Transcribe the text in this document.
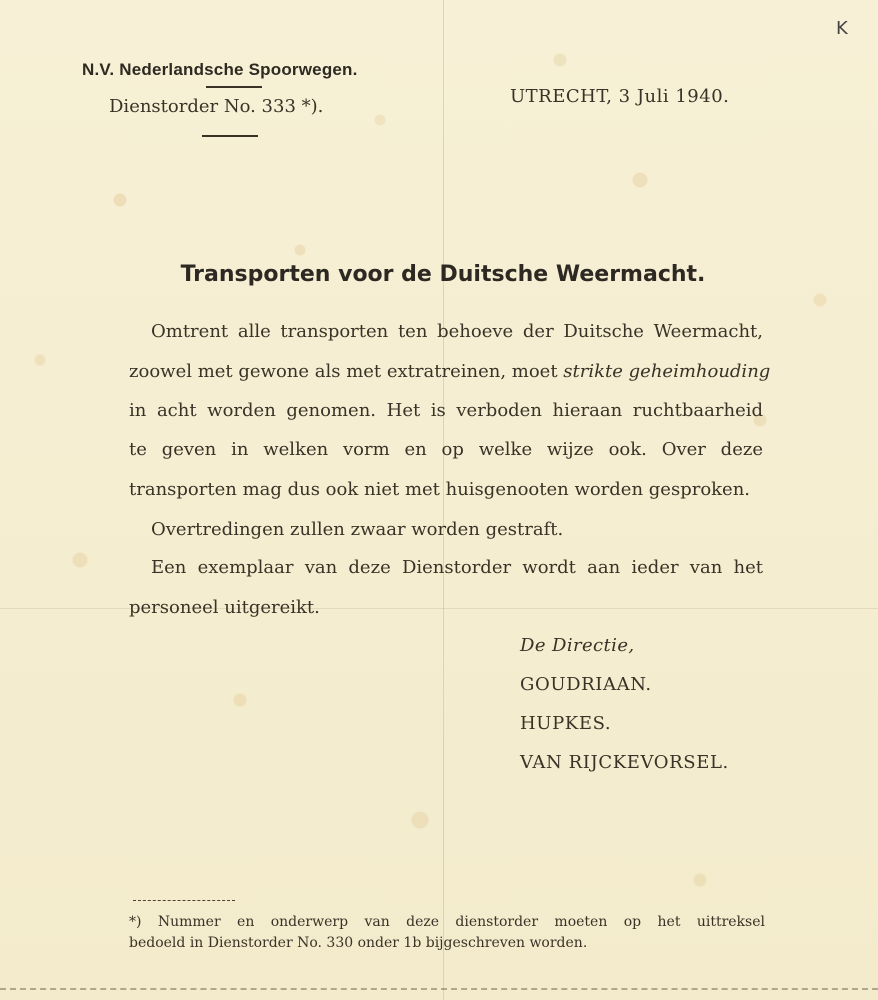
K
N.V. Nederlandsche Spoorwegen.
Dienstorder No. 333 *).	UTRECHT, 3 Juli 1940.
Transporten voor de Duitsche Weermacht.
Omtrent alle transporten ten behoeve der Duitsche Weermacht,
zoowel met gewone als met extratreinen, moet strikte geheimhouding
in acht worden genomen. Het is verboden hieraan ruchtbaarheid
te geven in welken vorm en op welke wijze ook. Over deze
transporten mag dus ook niet met huisgenooten worden gesproken.
Overtredingen zullen zwaar worden gestraft.
Een exemplaar van deze Dienstorder wordt aan ieder van het
personeel uitgereikt.
De Directie,
GOUDRIAAN.
HUPKES.
VAN RIJCKEVORSEL.
*) Nummer en onderwerp van deze dienstorder moeten op het uittreksel
bedoeld in Dienstorder No. 330 onder 1b bijgeschreven worden.
